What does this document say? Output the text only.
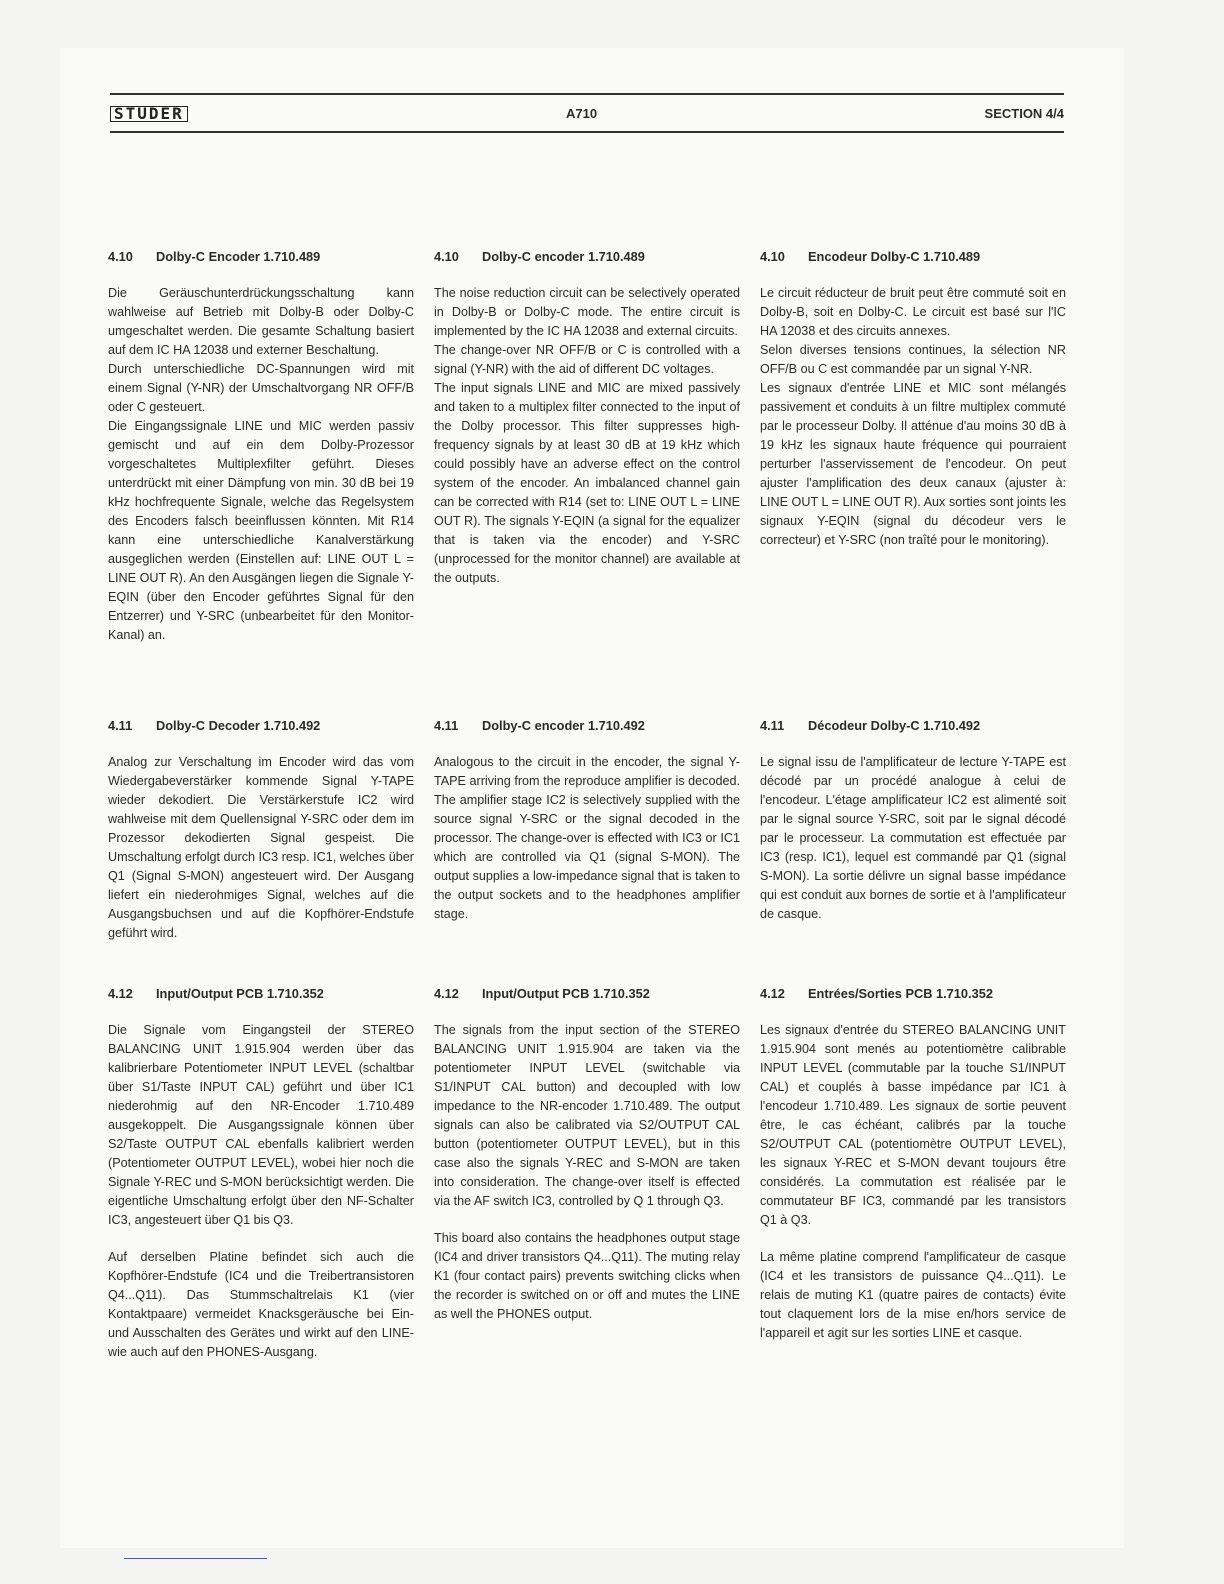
STUDER	A710	SECTION 4/4
4.10 Dolby-C Encoder 1.710.489

Die Geräuschunterdrückungsschaltung kann wahlweise auf Betrieb mit Dolby-B oder Dolby-C umgeschaltet werden. Die gesamte Schaltung basiert auf dem IC HA 12038 und externer Beschaltung.

Durch unterschiedliche DC-Spannungen wird mit einem Signal (Y-NR) der Umschaltvorgang NR OFF/B oder C gesteuert.

Die Eingangssignale LINE und MIC werden passiv gemischt und auf ein dem Dolby-Prozessor vorgeschaltetes Multiplexfilter geführt. Dieses unterdrückt mit einer Dämpfung von min. 30 dB bei 19 kHz hochfrequente Signale, welche das Regelsystem des Encoders falsch beeinflussen könnten. Mit R14 kann eine unterschiedliche Kanalverstärkung ausgeglichen werden (Einstellen auf: LINE OUT L = LINE OUT R). An den Ausgängen liegen die Signale Y-EQIN (über den Encoder geführtes Signal für den Entzerrer) und Y-SRC (unbearbeitet für den Monitor-Kanal) an.

4.10 Dolby-C encoder 1.710.489

The noise reduction circuit can be selectively operated in Dolby-B or Dolby-C mode. The entire circuit is implemented by the IC HA 12038 and external circuits.

The change-over NR OFF/B or C is controlled with a signal (Y-NR) with the aid of different DC voltages.

The input signals LINE and MIC are mixed passively and taken to a multiplex filter connected to the input of the Dolby processor. This filter suppresses high-frequency signals by at least 30 dB at 19 kHz which could possibly have an adverse effect on the control system of the encoder. An imbalanced channel gain can be corrected with R14 (set to: LINE OUT L = LINE OUT R). The signals Y-EQIN (a signal for the equalizer that is taken via the encoder) and Y-SRC (unprocessed for the monitor channel) are available at the outputs.

4.10 Encodeur Dolby-C 1.710.489

Le circuit réducteur de bruit peut être commuté soit en Dolby-B, soit en Dolby-C. Le circuit est basé sur l'IC HA 12038 et des circuits annexes.

Selon diverses tensions continues, la sélection NR OFF/B ou C est commandée par un signal Y-NR.

Les signaux d'entrée LINE et MIC sont mélangés passivement et conduits à un filtre multiplex commuté par le processeur Dolby. Il atténue d'au moins 30 dB à 19 kHz les signaux haute fréquence qui pourraient perturber l'asservissement de l'encodeur. On peut ajuster l'amplification des deux canaux (ajuster à: LINE OUT L = LINE OUT R). Aux sorties sont joints les signaux Y-EQIN (signal du décodeur vers le correcteur) et Y-SRC (non traîté pour le monitoring).

4.11 Dolby-C Decoder 1.710.492

Analog zur Verschaltung im Encoder wird das vom Wiedergabeverstärker kommende Signal Y-TAPE wieder dekodiert. Die Verstärkerstufe IC2 wird wahlweise mit dem Quellensignal Y-SRC oder dem im Prozessor dekodierten Signal gespeist. Die Umschaltung erfolgt durch IC3 resp. IC1, welches über Q1 (Signal S-MON) angesteuert wird. Der Ausgang liefert ein niederohmiges Signal, welches auf die Ausgangsbuchsen und auf die Kopfhörer-Endstufe geführt wird.

4.11 Dolby-C encoder 1.710.492

Analogous to the circuit in the encoder, the signal Y-TAPE arriving from the reproduce amplifier is decoded. The amplifier stage IC2 is selectively supplied with the source signal Y-SRC or the signal decoded in the processor. The change-over is effected with IC3 or IC1 which are controlled via Q1 (signal S-MON). The output supplies a low-impedance signal that is taken to the output sockets and to the headphones amplifier stage.

4.11 Décodeur Dolby-C 1.710.492

Le signal issu de l'amplificateur de lecture Y-TAPE est décodé par un procédé analogue à celui de l'encodeur. L'étage amplificateur IC2 est alimenté soit par le signal source Y-SRC, soit par le signal décodé par le processeur. La commutation est effectuée par IC3 (resp. IC1), lequel est commandé par Q1 (signal S-MON). La sortie délivre un signal basse impédance qui est conduit aux bornes de sortie et à l'amplificateur de casque.

4.12 Input/Output PCB 1.710.352

Die Signale vom Eingangsteil der STEREO BALANCING UNIT 1.915.904 werden über das kalibrierbare Potentiometer INPUT LEVEL (schaltbar über S1/Taste INPUT CAL) geführt und über IC1 niederohmig auf den NR-Encoder 1.710.489 ausgekoppelt. Die Ausgangssignale können über S2/Taste OUTPUT CAL ebenfalls kalibriert werden (Potentiometer OUTPUT LEVEL), wobei hier noch die Signale Y-REC und S-MON berücksichtigt werden. Die eigentliche Umschaltung erfolgt über den NF-Schalter IC3, angesteuert über Q1 bis Q3.

Auf derselben Platine befindet sich auch die Kopfhörer-Endstufe (IC4 und die Treibertransistoren Q4...Q11). Das Stummschaltrelais K1 (vier Kontaktpaare) vermeidet Knacksgeräusche bei Ein- und Ausschalten des Gerätes und wirkt auf den LINE- wie auch auf den PHONES-Ausgang.

4.12 Input/Output PCB 1.710.352

The signals from the input section of the STEREO BALANCING UNIT 1.915.904 are taken via the potentiometer INPUT LEVEL (switchable via S1/INPUT CAL button) and decoupled with low impedance to the NR-encoder 1.710.489. The output signals can also be calibrated via S2/OUTPUT CAL button (potentiometer OUTPUT LEVEL), but in this case also the signals Y-REC and S-MON are taken into consideration. The change-over itself is effected via the AF switch IC3, controlled by Q 1 through Q3.

This board also contains the headphones output stage (IC4 and driver transistors Q4...Q11). The muting relay K1 (four contact pairs) prevents switching clicks when the recorder is switched on or off and mutes the LINE as well the PHONES output.

4.12 Entrées/Sorties PCB 1.710.352

Les signaux d'entrée du STEREO BALANCING UNIT 1.915.904 sont menés au potentiomètre calibrable INPUT LEVEL (commutable par la touche S1/INPUT CAL) et couplés à basse impédance par IC1 à l'encodeur 1.710.489. Les signaux de sortie peuvent être, le cas échéant, calibrés par la touche S2/OUTPUT CAL (potentiomètre OUTPUT LEVEL), les signaux Y-REC et S-MON devant toujours être considérés. La commutation est réalisée par le commutateur BF IC3, commandé par les transistors Q1 à Q3.

La même platine comprend l'amplificateur de casque (IC4 et les transistors de puissance Q4...Q11). Le relais de muting K1 (quatre paires de contacts) évite tout claquement lors de la mise en/hors service de l'appareil et agit sur les sorties LINE et casque.
